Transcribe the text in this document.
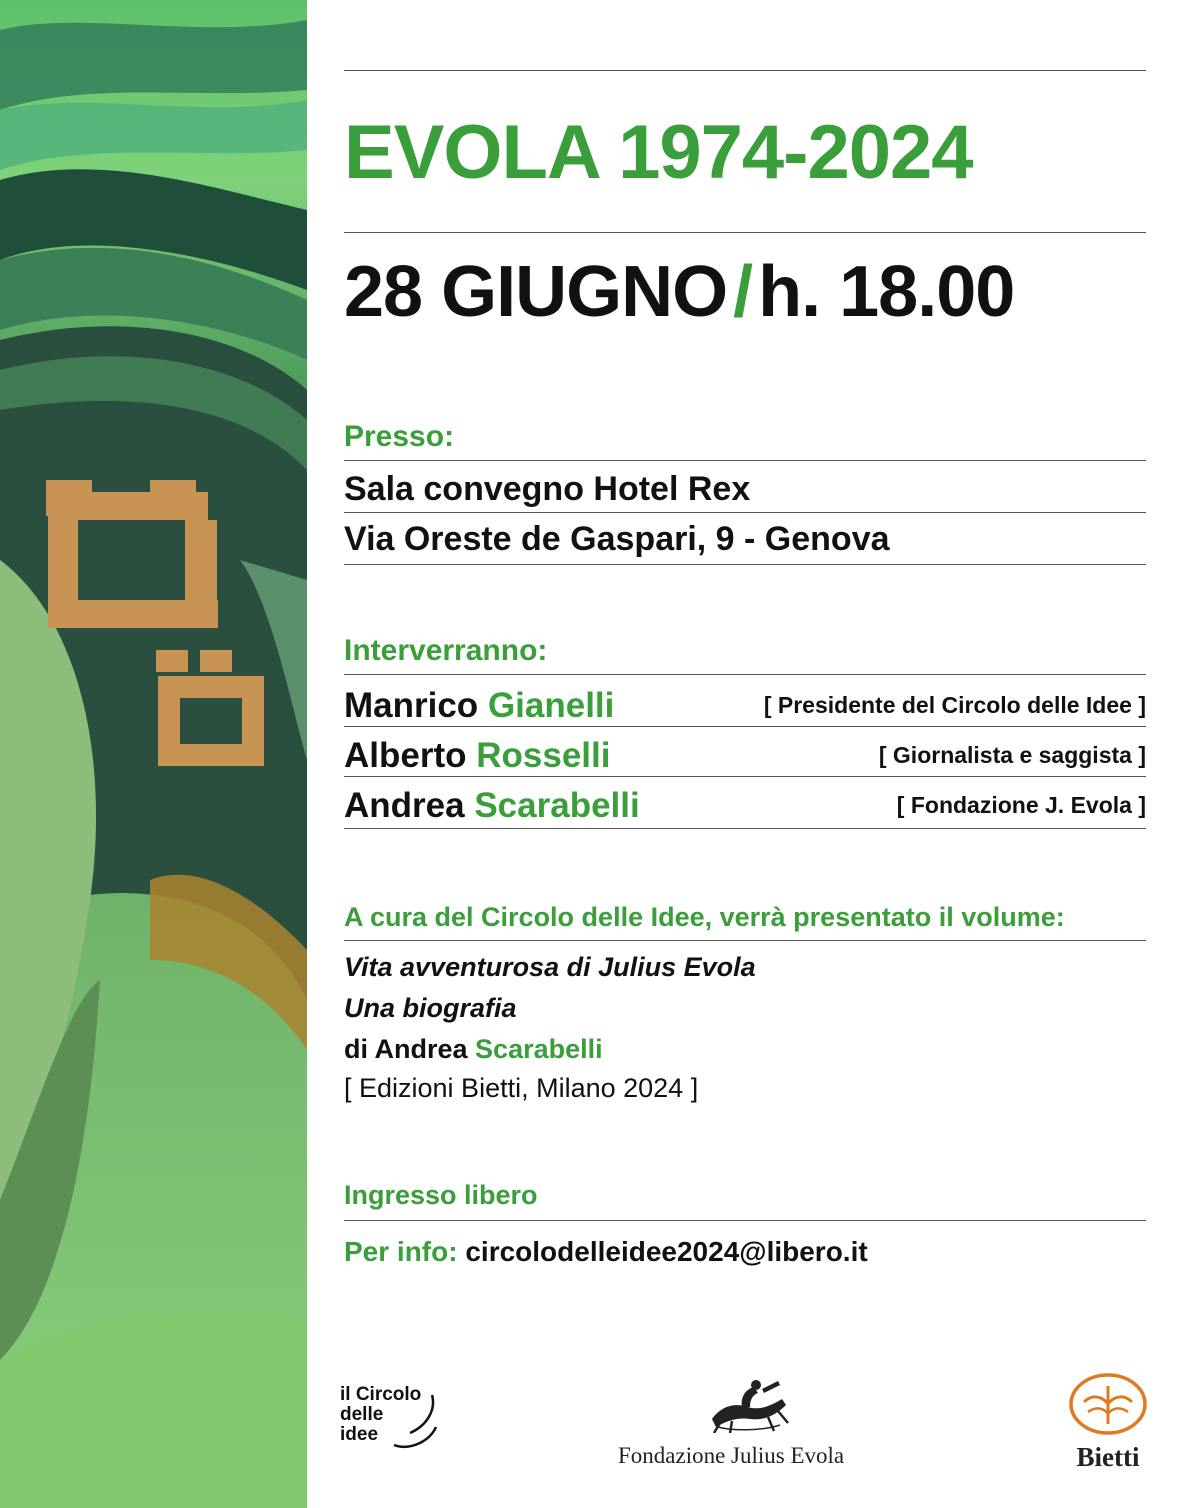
EVOLA 1974-2024
28 GIUGNO/h. 18.00
Presso:
Sala convegno Hotel Rex
Via Oreste de Gaspari, 9 - Genova
Interverranno:
Manrico Gianelli	[ Presidente del Circolo delle Idee ]
Alberto Rosselli	[ Giornalista e saggista ]
Andrea Scarabelli	[ Fondazione J. Evola ]
A cura del Circolo delle Idee, verrà presentato il volume:
Vita avventurosa di Julius Evola
Una biografia
di Andrea Scarabelli
[ Edizioni Bietti, Milano 2024 ]
Ingresso libero
Per info: circolodelleidee2024@libero.it
il Circolo
delle
idee
Fondazione Julius Evola	Bietti
